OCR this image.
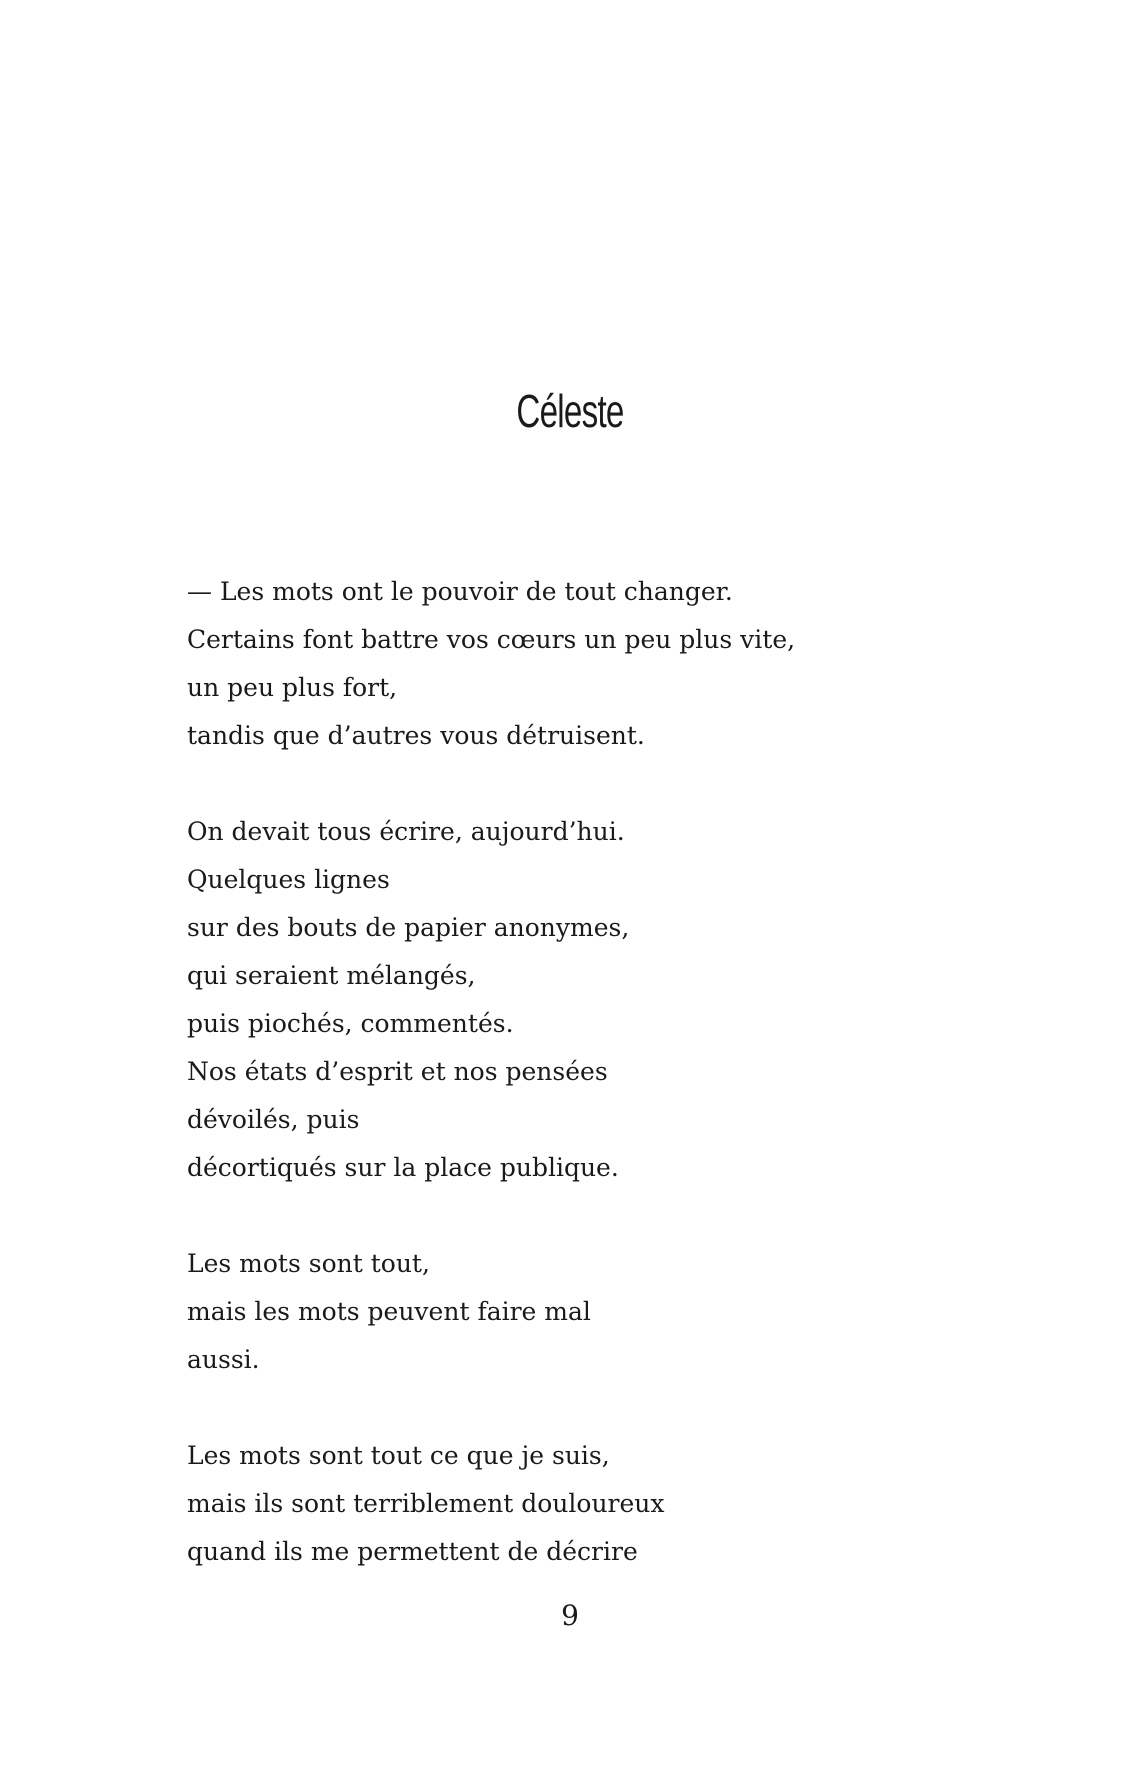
Céleste

— Les mots ont le pouvoir de tout changer.
Certains font battre vos cœurs un peu plus vite,
un peu plus fort,
tandis que d’autres vous détruisent.

On devait tous écrire, aujourd’hui.
Quelques lignes
sur des bouts de papier anonymes,
qui seraient mélangés,
puis piochés, commentés.
Nos états d’esprit et nos pensées
dévoilés, puis
décortiqués sur la place publique.

Les mots sont tout,
mais les mots peuvent faire mal
aussi.

Les mots sont tout ce que je suis,
mais ils sont terriblement douloureux
quand ils me permettent de décrire

9
